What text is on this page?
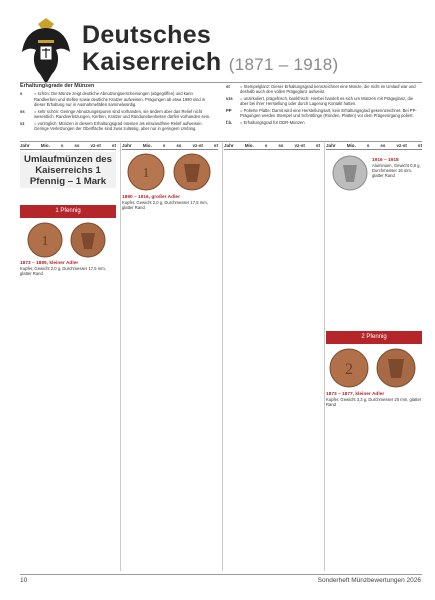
Deutsches
Kaiserreich (1871 – 1918)
Erhaltungsgrade der Münzen
s	= schön: Die Münze zeigt deutliche Abnutzungserscheinungen (abgegriffen) und kann Randkerben und stellen sowie deutliche Kratzer aufweisen. Prägungen ab etwa 1990 sind in dieser Erhaltung nur in Ausnahmefällen sammelwürdig.
ss	= sehr schön: Geringe Abnutzungsspuren sind vorhanden, sie ändern aber das Relief nicht wesentlich. Randverletzungen, Kerben, Kratzer und Randunebenheiten dürfen vorhanden sein.
vz	= vorzüglich: Münzen in diesem Erhaltungsgrad müssen als einwandfreie Relief aufweisen. Geringe Verletzungen der Oberfläche sind zwar zulässig, aber nur in geringem Umfang.
st	= Stempelglanz: Dieser Erhaltungsgrad kennzeichnet eine Münze, die nicht im Umlauf war und deshalb auch den vollen Prägeglanz aufweist.
vzs	= unzirkuliert, prägefrisch, bankfrisch: Hierbei handelt es sich um Münzen mit Prägeglanz, die aber bei ihrer Herstellung oder durch Lagerung Kontakt hatten.
PP	= Polierte Platte: Damit wird eine Herstellungsart, kein Erhaltungsgrad gekennzeichnet. Bei PP-Prägungen werden Stempel und Schrötlinge (Ronden, Platten) vor dem Prägevorgang poliert.
f.b.	= Erhaltungsgrad für DDR-Münzen
Jahr Mio. s ss vz-st st
Umlaufmünzen des Kaiserreichs 1 Pfennig – 1 Mark
1 Pfennig
1
1873 – 1889, kleiner Adler
Kupfer, Gewicht 2,0 g, Durchmesser 17,5 mm, glatter Rand
Jahr Mio. s ss vz-st st
1
1890 – 1916, großer Adler
Kupfer, Gewicht 2,0 g, Durchmesser 17,5 mm, glatter Rand
Jahr Mio. s ss vz-st st Jahr Mio. s ss vz-st st
1916 – 1918
Aluminium, Gewicht 0,8 g, Durchmesser 16 mm, glatter Rand
2 Pfennig
2
1873 – 1877, kleiner Adler
Kupfer, Gewicht 3,3 g, Durchmesser 20 mm, glatter Rand
10	Sonderheft Münzbewertungen 2026
